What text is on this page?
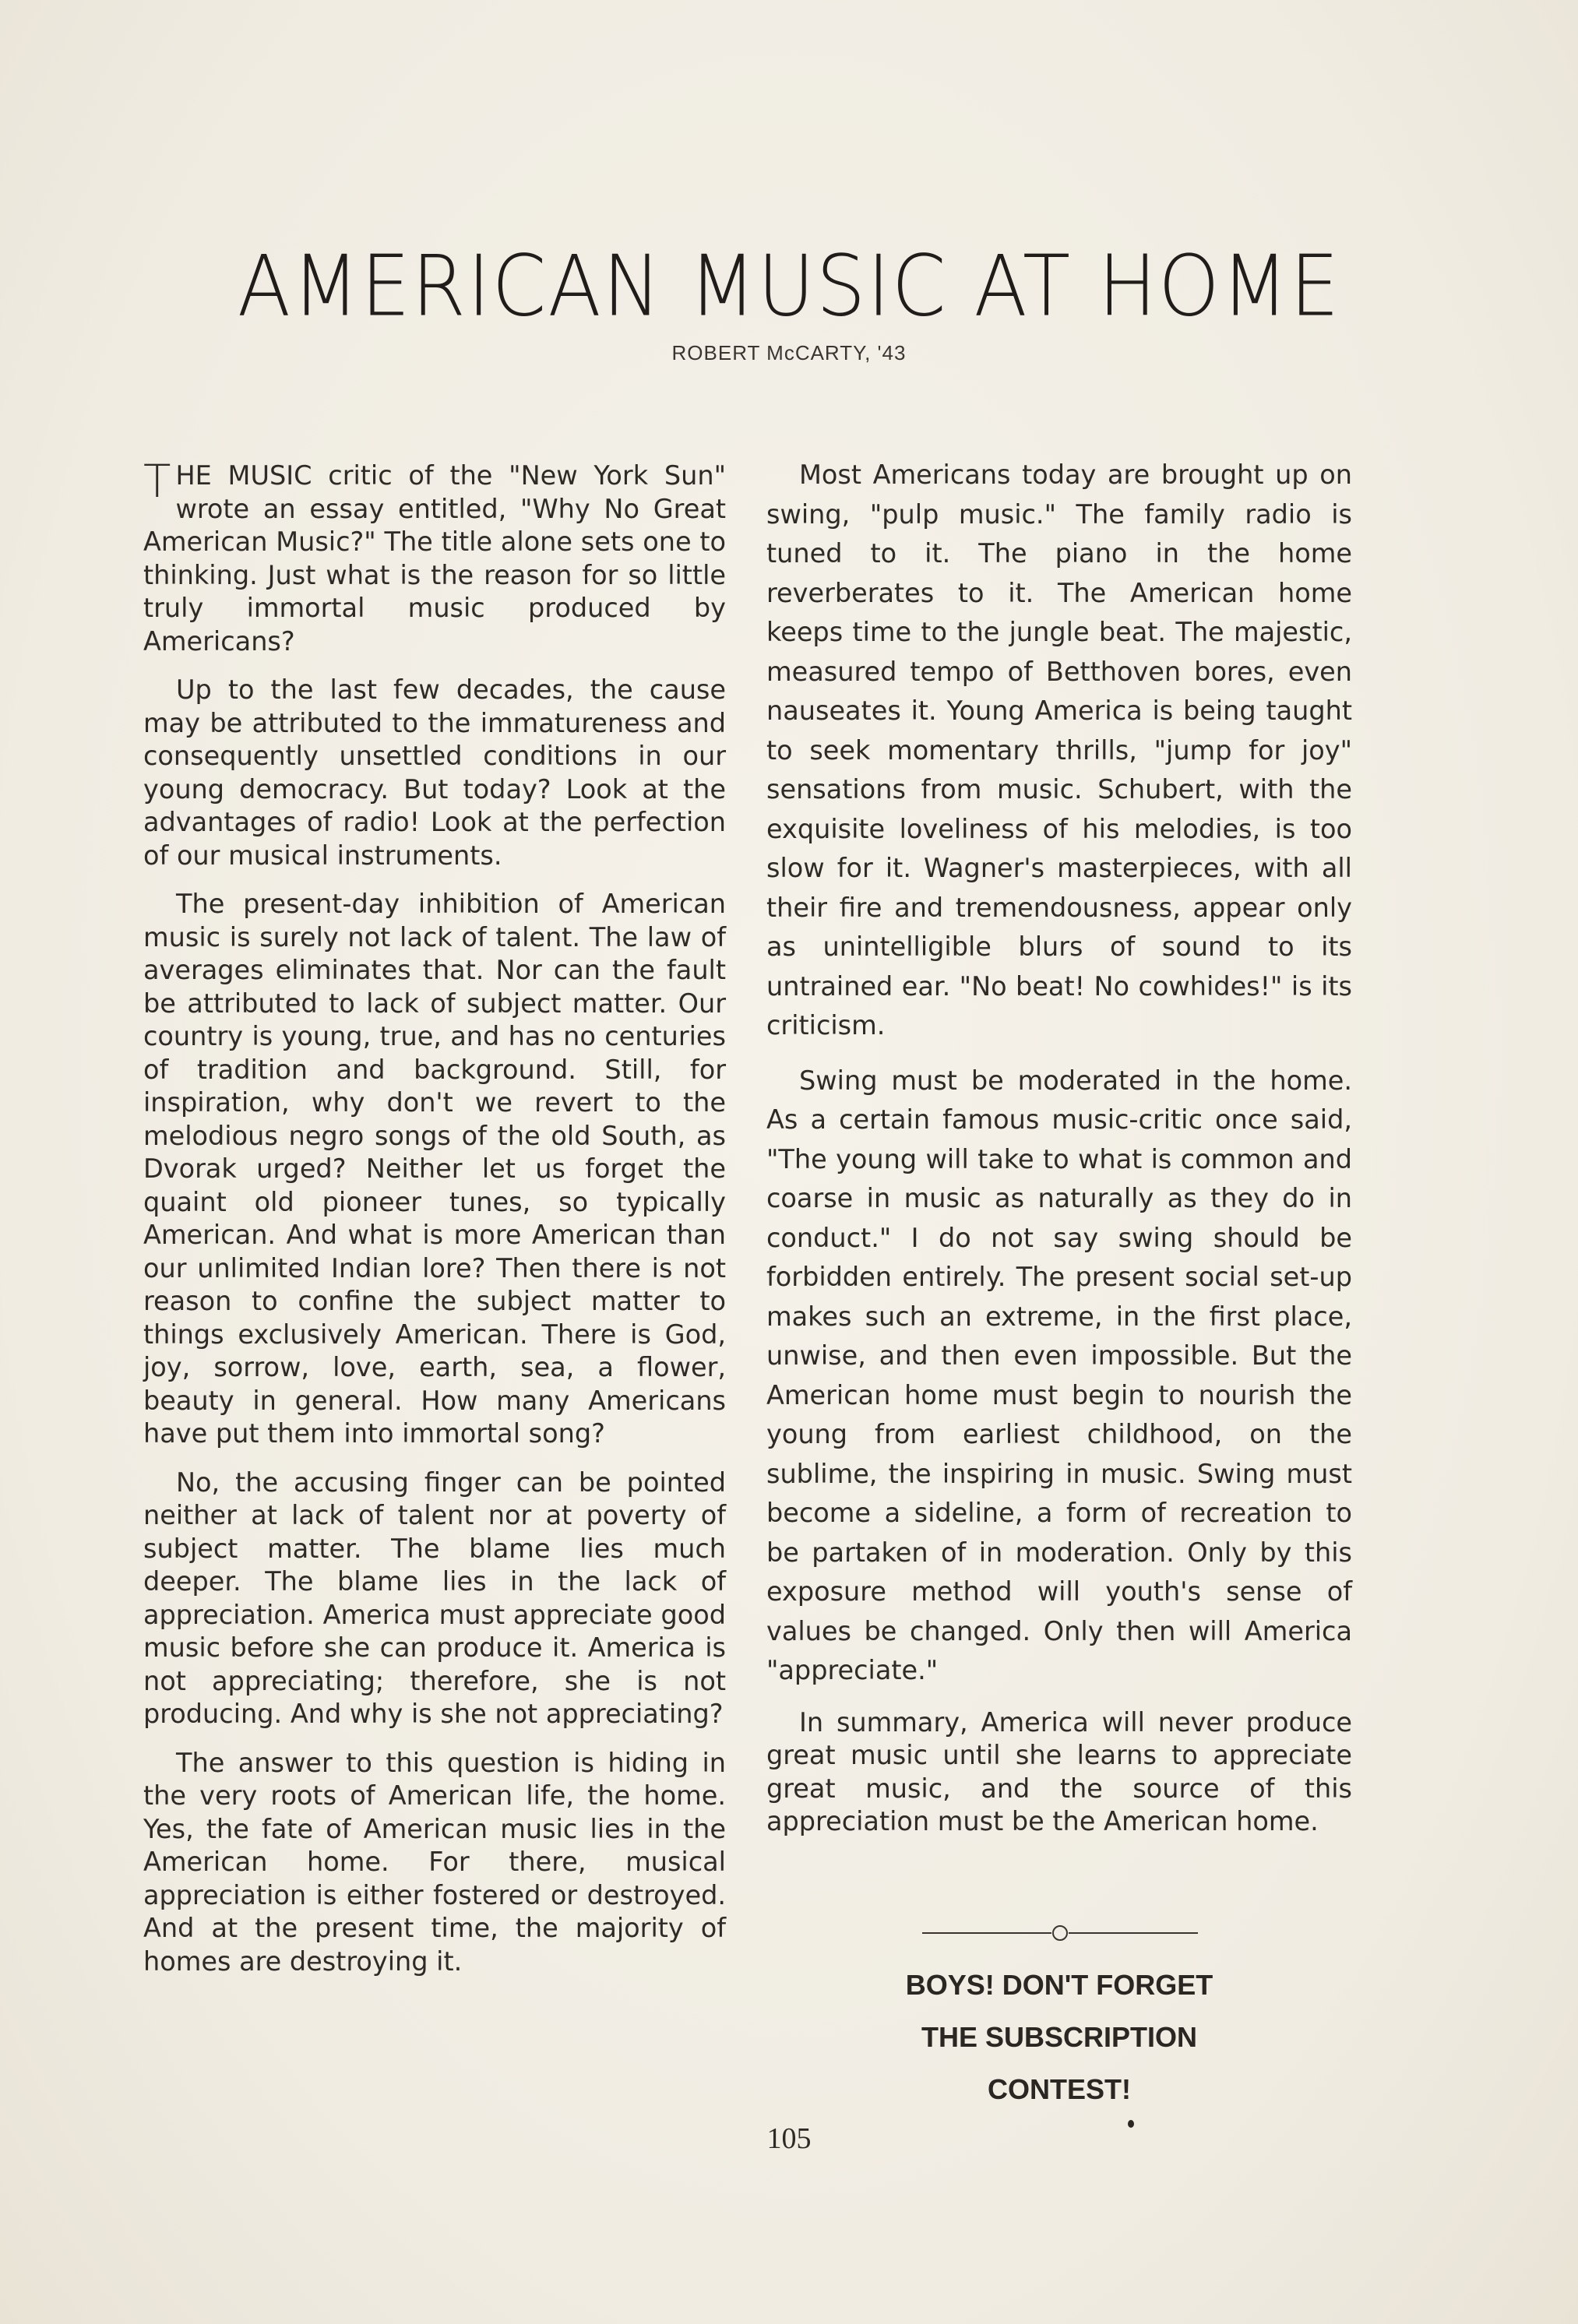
AMERICAN MUSIC AT HOME
ROBERT McCARTY, '43

THE MUSIC critic of the "New York Sun" wrote an essay entitled, "Why No Great American Music?" The title alone sets one to thinking. Just what is the reason for so little truly immortal music produced by Americans?

Up to the last few decades, the cause may be attributed to the immatureness and consequently unsettled conditions in our young democracy. But today? Look at the advantages of radio! Look at the perfection of our musical instruments.

The present-day inhibition of American music is surely not lack of talent. The law of averages eliminates that. Nor can the fault be attributed to lack of subject matter. Our country is young, true, and has no centuries of tradition and background. Still, for inspiration, why don't we revert to the melodious negro songs of the old South, as Dvorak urged? Neither let us forget the quaint old pioneer tunes, so typically American. And what is more American than our unlimited Indian lore? Then there is not reason to confine the subject matter to things exclusively American. There is God, joy, sorrow, love, earth, sea, a flower, beauty in general. How many Americans have put them into immortal song?

No, the accusing finger can be pointed neither at lack of talent nor at poverty of subject matter. The blame lies much deeper. The blame lies in the lack of appreciation. America must appreciate good music before she can produce it. America is not appreciating; therefore, she is not producing. And why is she not appreciating?

The answer to this question is hiding in the very roots of American life, the home. Yes, the fate of American music lies in the American home. For there, musical appreciation is either fostered or destroyed. And at the present time, the majority of homes are destroying it.

Most Americans today are brought up on swing, "pulp music." The family radio is tuned to it. The piano in the home reverberates to it. The American home keeps time to the jungle beat. The majestic, measured tempo of Betthoven bores, even nauseates it. Young America is being taught to seek momentary thrills, "jump for joy" sensations from music. Schubert, with the exquisite loveliness of his melodies, is too slow for it. Wagner's masterpieces, with all their fire and tremendousness, appear only as unintelligible blurs of sound to its untrained ear. "No beat! No cowhides!" is its criticism.

Swing must be moderated in the home. As a certain famous music-critic once said, "The young will take to what is common and coarse in music as naturally as they do in conduct." I do not say swing should be forbidden entirely. The present social set-up makes such an extreme, in the first place, unwise, and then even impossible. But the American home must begin to nourish the young from earliest childhood, on the sublime, the inspiring in music. Swing must become a sideline, a form of recreation to be partaken of in moderation. Only by this exposure method will youth's sense of values be changed. Only then will America "appreciate."

In summary, America will never produce great music until she learns to appreciate great music, and the source of this appreciation must be the American home.

BOYS! DON'T FORGET
THE SUBSCRIPTION
CONTEST!
105
